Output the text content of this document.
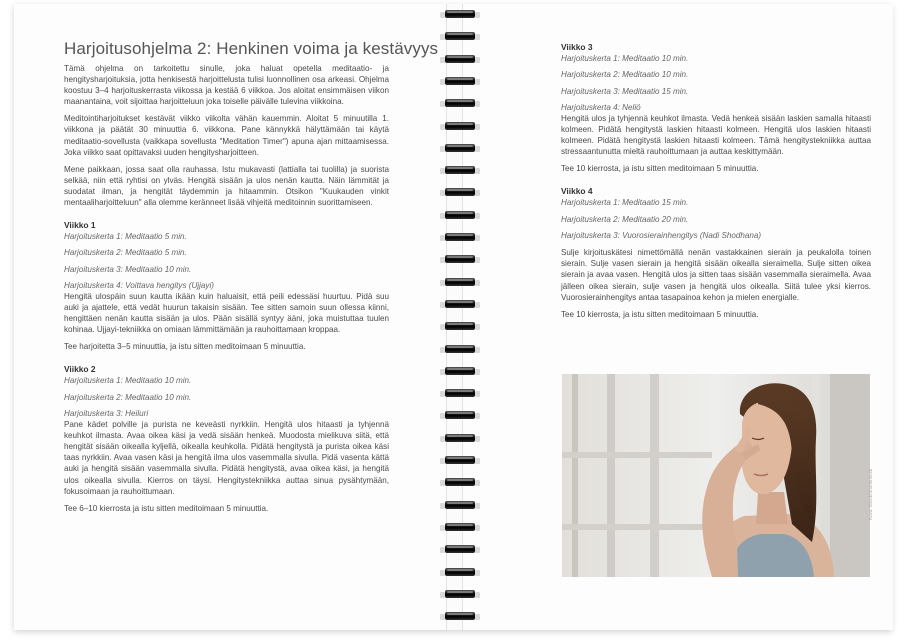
Harjoitusohjelma 2: Henkinen voima ja kestävyys

Tämä ohjelma on tarkoitettu sinulle, joka haluat opetella meditaatio- ja hengitysharjoituksia, jotta henkisestä harjoittelusta tulisi luonnollinen osa arkeasi. Ohjelma koostuu 3–4 harjoituskerrasta viikossa ja kestää 6 viikkoa. Jos aloitat ensimmäisen viikon maanantaina, voit sijoittaa harjoitteluun joka toiselle päivälle tulevina viikkoina.

Meditointiharjoitukset kestävät viikko viikolta vähän kauemmin. Aloitat 5 minuutilla 1. viikkona ja päätät 30 minuuttia 6. viikkona. Pane kännykkä hälyttämään tai käytä meditaatio-sovellusta (vaikkapa sovellusta "Meditation Timer") apuna ajan mittaamisessa. Joka viikko saat opittavaksi uuden hengitysharjoitteen.

Mene paikkaan, jossa saat olla rauhassa. Istu mukavasti (lattialla tai tuolilla) ja suorista selkää, niin että ryhtisi on ylväs. Hengitä sisään ja ulos nenän kautta. Näin lämmität ja suodatat ilman, ja hengität täydemmin ja hitaammin. Otsikon "Kuukauden vinkit mentaaliharjoitteluun" alla olemme keränneet lisää vihjeitä meditoinnin suorittamiseen.

Viikko 1
Harjoituskerta 1: Meditaatio 5 min.
Harjoituskerta 2: Meditaatio 5 min.
Harjoituskerta 3: Meditaatio 10 min.
Harjoituskerta 4: Voittava hengitys (Ujjayi)

Hengitä ulospäin suun kautta ikään kuin haluaisit, että peili edessäsi huurtuu. Pidä suu auki ja ajattele, että vedät huurun takaisin sisään. Tee sitten samoin suun ollessa kiinni, hengittäen nenän kautta sisään ja ulos. Pään sisällä syntyy ääni, joka muistuttaa tuulen kohinaa. Ujjayi-tekniikka on omiaan lämmittämään ja rauhoittamaan kroppaa.

Tee harjoitetta 3–5 minuuttia, ja istu sitten meditoimaan 5 minuuttia.

Viikko 2
Harjoituskerta 1: Meditaatio 10 min.
Harjoituskerta 2: Meditaatio 10 min.
Harjoituskerta 3: Heiluri

Pane kädet polville ja purista ne keveästi nyrkkiin. Hengitä ulos hitaasti ja tyhjennä keuhkot ilmasta. Avaa oikea käsi ja vedä sisään henkeä. Muodosta mielikuva siitä, että hengität sisään oikealla kyljellä, oikealla keuhkolla. Pidätä hengitystä ja purista oikea käsi taas nyrkkiin. Avaa vasen käsi ja hengitä ilma ulos vasemmalla sivulla. Pidä vasenta kättä auki ja hengitä sisään vasemmalla sivulla. Pidätä hengitystä, avaa oikea käsi, ja hengitä ulos oikealla sivulla. Kierros on täysi. Hengitystekniikka auttaa sinua pysähtymään, fokusoimaan ja rauhoittumaan.

Tee 6–10 kierrosta ja istu sitten meditoimaan 5 minuuttia.

Viikko 3
Harjoituskerta 1: Meditaatio 10 min.
Harjoituskerta 2: Meditaatio 10 min.
Harjoituskerta 3: Meditaatio 15 min.
Harjoituskerta 4: Neliö

Hengitä ulos ja tyhjennä keuhkot ilmasta. Vedä henkeä sisään laskien samalla hitaasti kolmeen. Pidätä hengitystä laskien hitaasti kolmeen. Hengitä ulos laskien hitaasti kolmeen. Pidätä hengitystä laskien hitaasti kolmeen. Tämä hengitystekniikka auttaa stressaantunutta mieltä rauhoittumaan ja auttaa keskittymään.

Tee 10 kierrosta, ja istu sitten meditoimaan 5 minuuttia.

Viikko 4
Harjoituskerta 1: Meditaatio 15 min.
Harjoituskerta 2: Meditaatio 20 min.
Harjoituskerta 3: Vuorosierainhengitys (Nadi Shodhana)

Sulje kirjoituskätesi nimettömällä nenän vastakkainen sierain ja peukalolla toinen sierain. Sulje vasen sierain ja hengitä sisään oikealla sieraimella. Sulje sitten oikea sierain ja avaa vasen. Hengitä ulos ja sitten taas sisään vasemmalla sieraimella. Avaa jälleen oikea sierain, sulje vasen ja hengitä ulos oikealla. Siitä tulee yksi kierros. Vuorosierainhengitys antaa tasapainoa kehon ja mielen energialle.

Tee 10 kierrosta, ja istu sitten meditoimaan 5 minuuttia.

Kuva: iStock/Shutterstock
